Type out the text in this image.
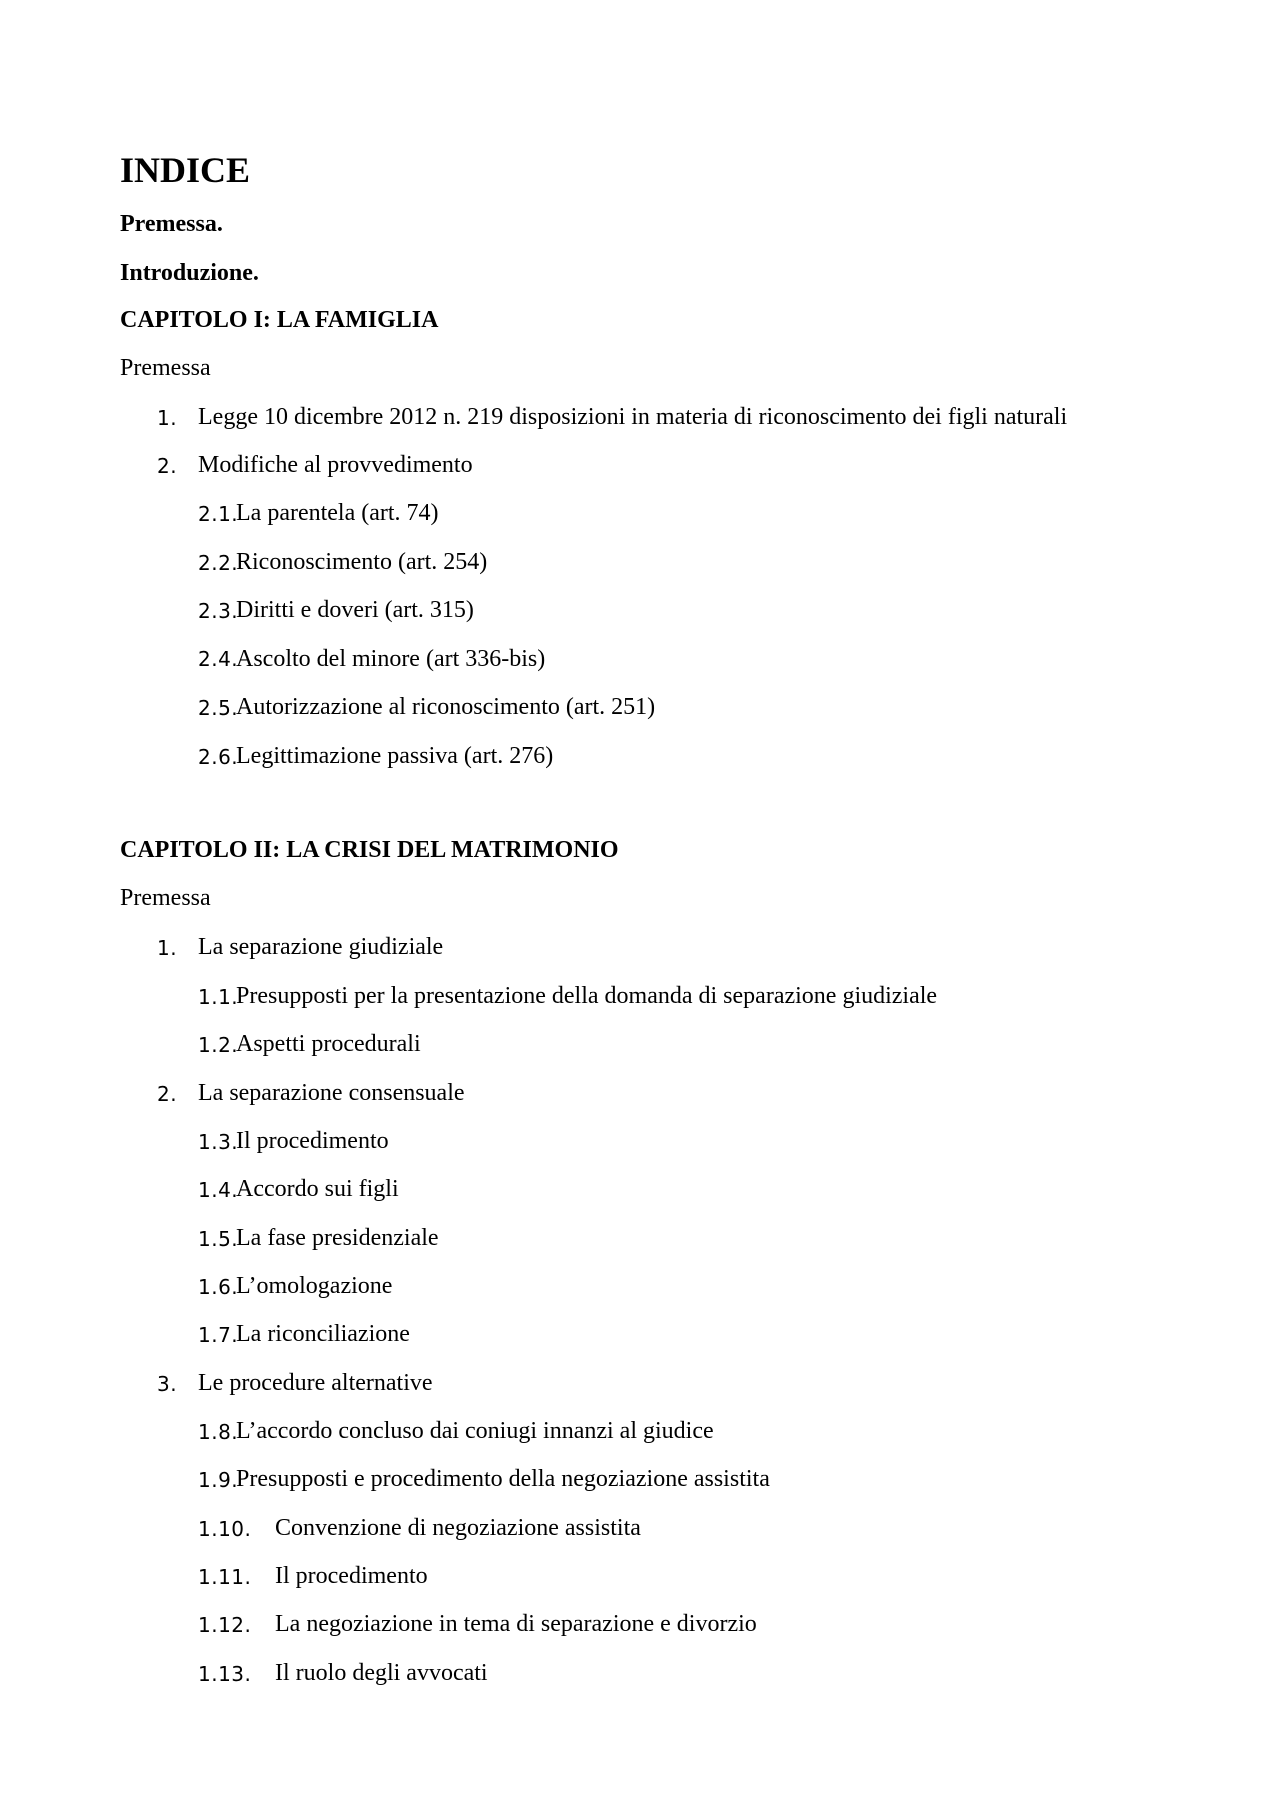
INDICE
Premessa.
Introduzione.
CAPITOLO I: LA FAMIGLIA
Premessa
1. Legge 10 dicembre 2012 n. 219 disposizioni in materia di riconoscimento dei figli naturali
2. Modifiche al provvedimento
2.1.
La parentela (art. 74)
2.2.
Riconoscimento (art. 254)
2.3.
Diritti e doveri (art. 315)
2.4.
Ascolto del minore (art 336-bis)
2.5.
Autorizzazione al riconoscimento (art. 251)
2.6.
Legittimazione passiva (art. 276)
CAPITOLO II: LA CRISI DEL MATRIMONIO
Premessa
1. La separazione giudiziale
1.1.
Presupposti per la presentazione della domanda di separazione giudiziale
1.2.
Aspetti procedurali
2. La separazione consensuale
1.3.
Il procedimento
1.4.
Accordo sui figli
1.5.
La fase presidenziale
1.6.
L’omologazione
1.7.
La riconciliazione
3. Le procedure alternative
1.8.
L’accordo concluso dai coniugi innanzi al giudice
1.9.
Presupposti e procedimento della negoziazione assistita
1.10. Convenzione di negoziazione assistita
1.11. Il procedimento
1.12. La negoziazione in tema di separazione e divorzio
1.13. Il ruolo degli avvocati
